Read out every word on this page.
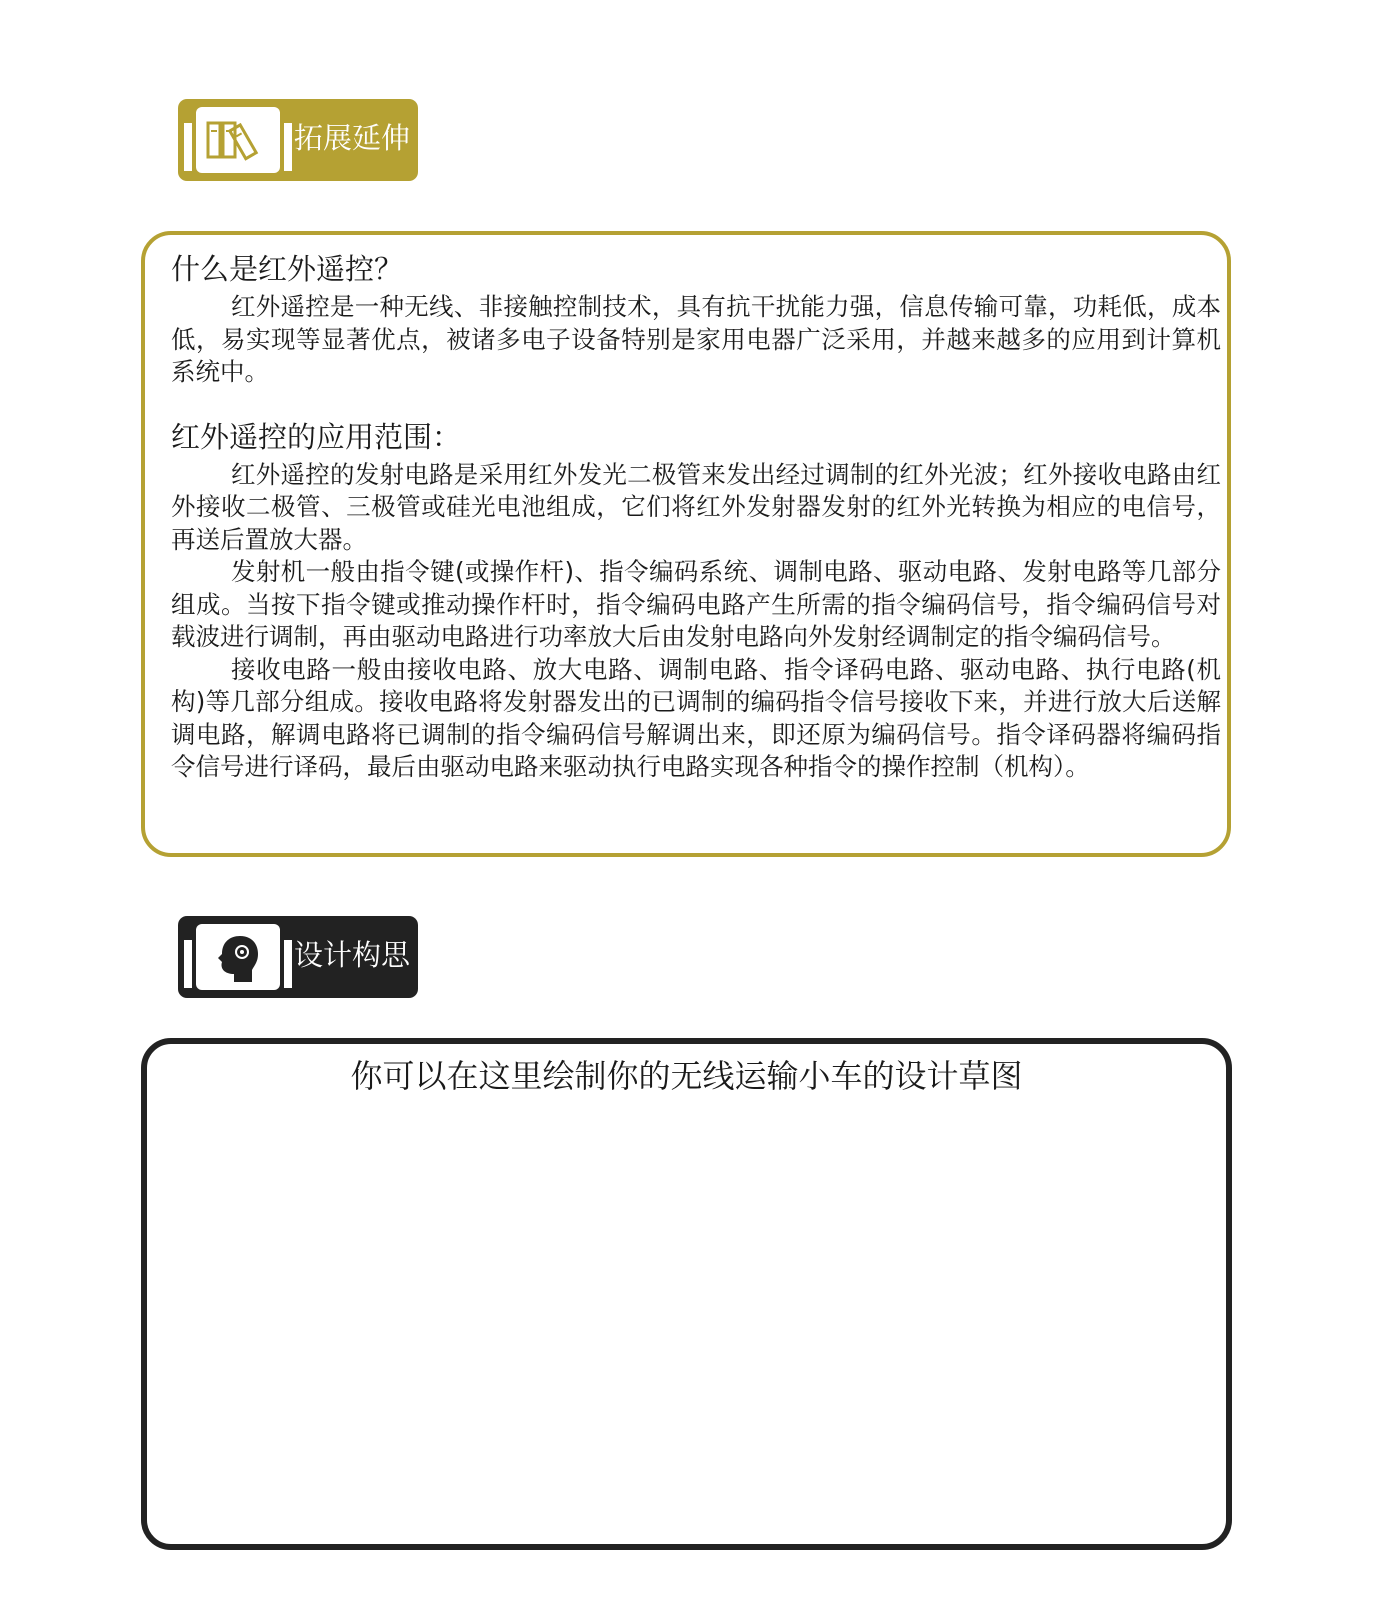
拓展延伸
什么是红外遥控？

红外遥控是一种无线、非接触控制技术，具有抗干扰能力强，信息传输可靠，功耗低，成本低，易实现等显著优点，被诸多电子设备特别是家用电器广泛采用，并越来越多的应用到计算机系统中。

红外遥控的应用范围：

红外遥控的发射电路是采用红外发光二极管来发出经过调制的红外光波；红外接收电路由红外接收二极管、三极管或硅光电池组成，它们将红外发射器发射的红外光转换为相应的电信号，再送后置放大器。

发射机一般由指令键(或操作杆)、指令编码系统、调制电路、驱动电路、发射电路等几部分组成。当按下指令键或推动操作杆时，指令编码电路产生所需的指令编码信号，指令编码信号对载波进行调制，再由驱动电路进行功率放大后由发射电路向外发射经调制定的指令编码信号。

接收电路一般由接收电路、放大电路、调制电路、指令译码电路、驱动电路、执行电路(机构)等几部分组成。接收电路将发射器发出的已调制的编码指令信号接收下来，并进行放大后送解调电路，解调电路将已调制的指令编码信号解调出来，即还原为编码信号。指令译码器将编码指令信号进行译码，最后由驱动电路来驱动执行电路实现各种指令的操作控制（机构）。

设计构思
你可以在这里绘制你的无线运输小车的设计草图
